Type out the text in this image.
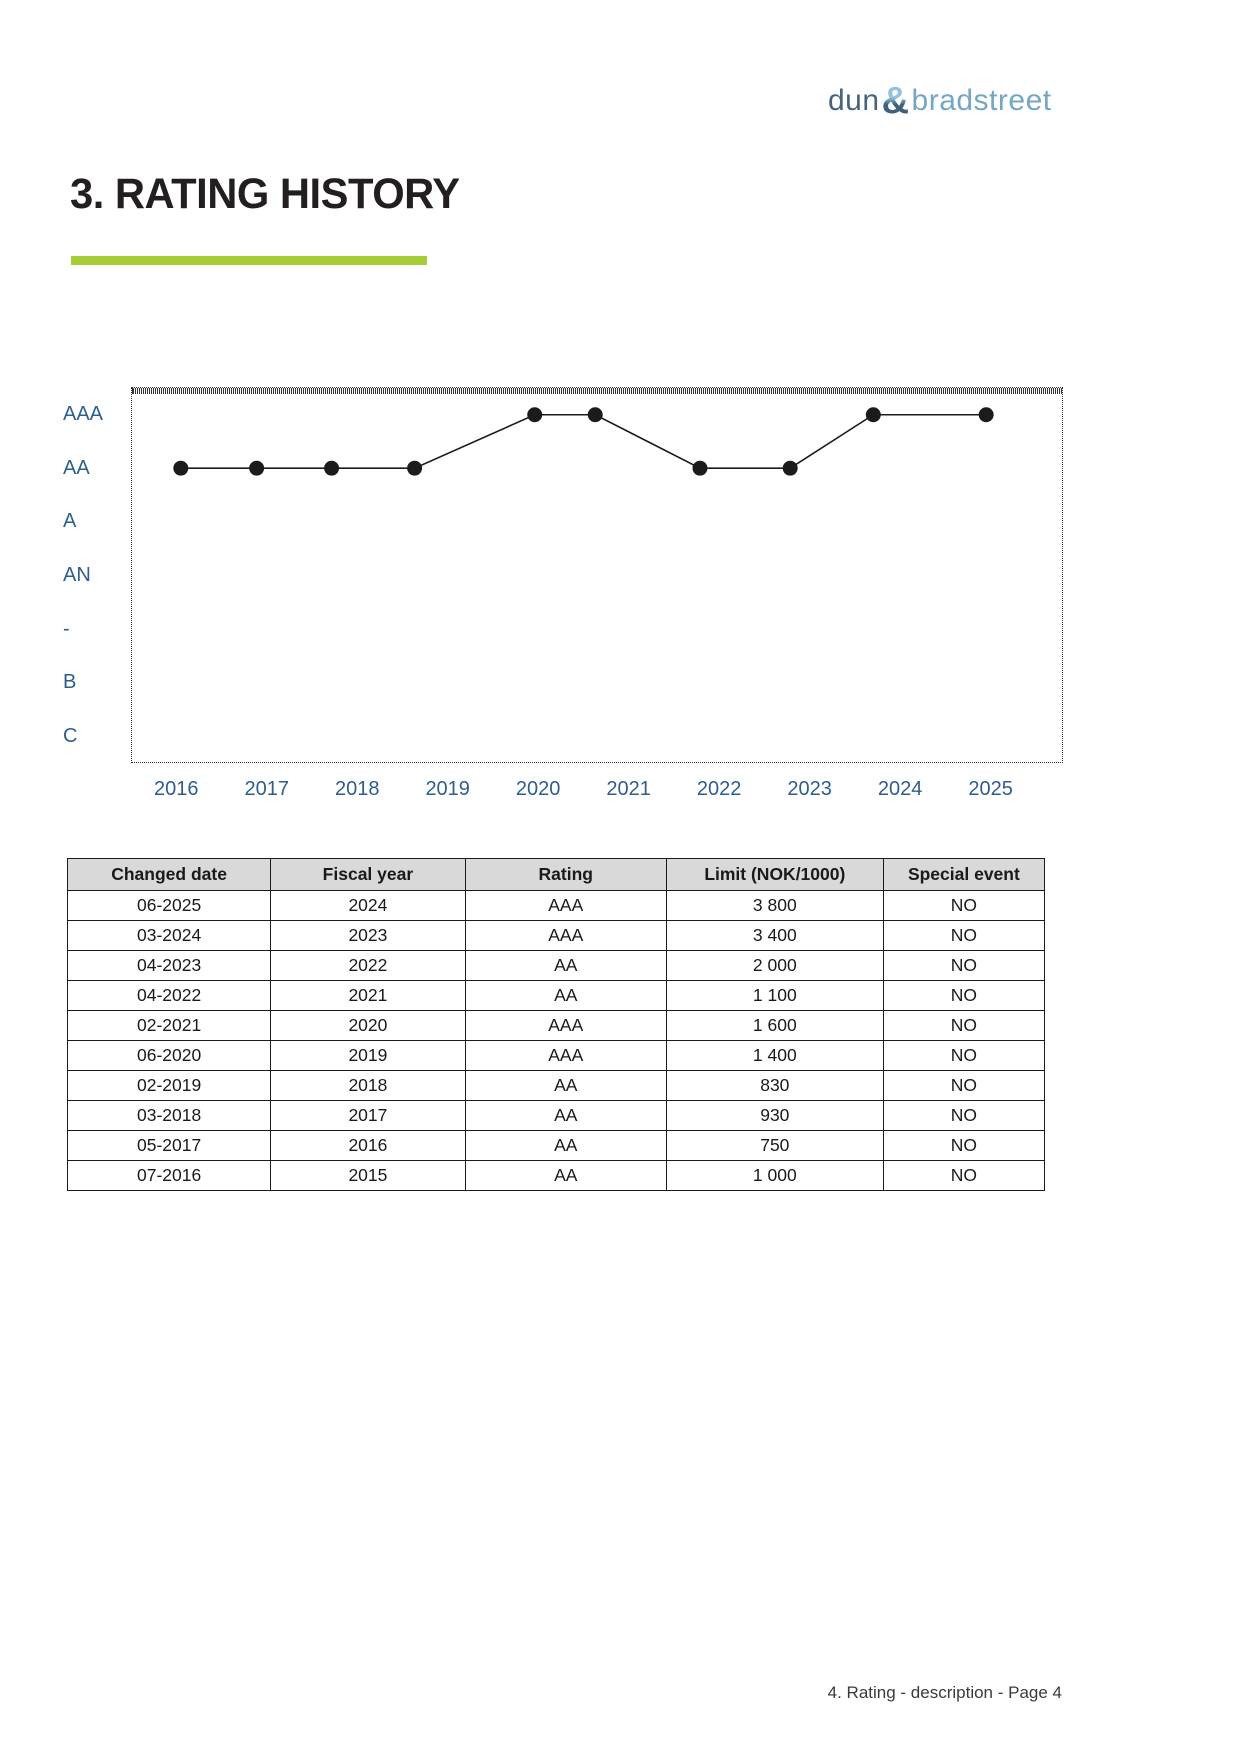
dun&bradstreet
3. RATING HISTORY
AAA
AA
A
AN
-
B
C
2016	2017	2018	2019	2020	2021	2022	2023	2024	2025
Changed date	Fiscal year	Rating	Limit (NOK/1000)	Special event
06-2025	2024	AAA	3 800	NO
03-2024	2023	AAA	3 400	NO
04-2023	2022	AA	2 000	NO
04-2022	2021	AA	1 100	NO
02-2021	2020	AAA	1 600	NO
06-2020	2019	AAA	1 400	NO
02-2019	2018	AA	830	NO
03-2018	2017	AA	930	NO
05-2017	2016	AA	750	NO
07-2016	2015	AA	1 000	NO
4. Rating - description - Page 4
